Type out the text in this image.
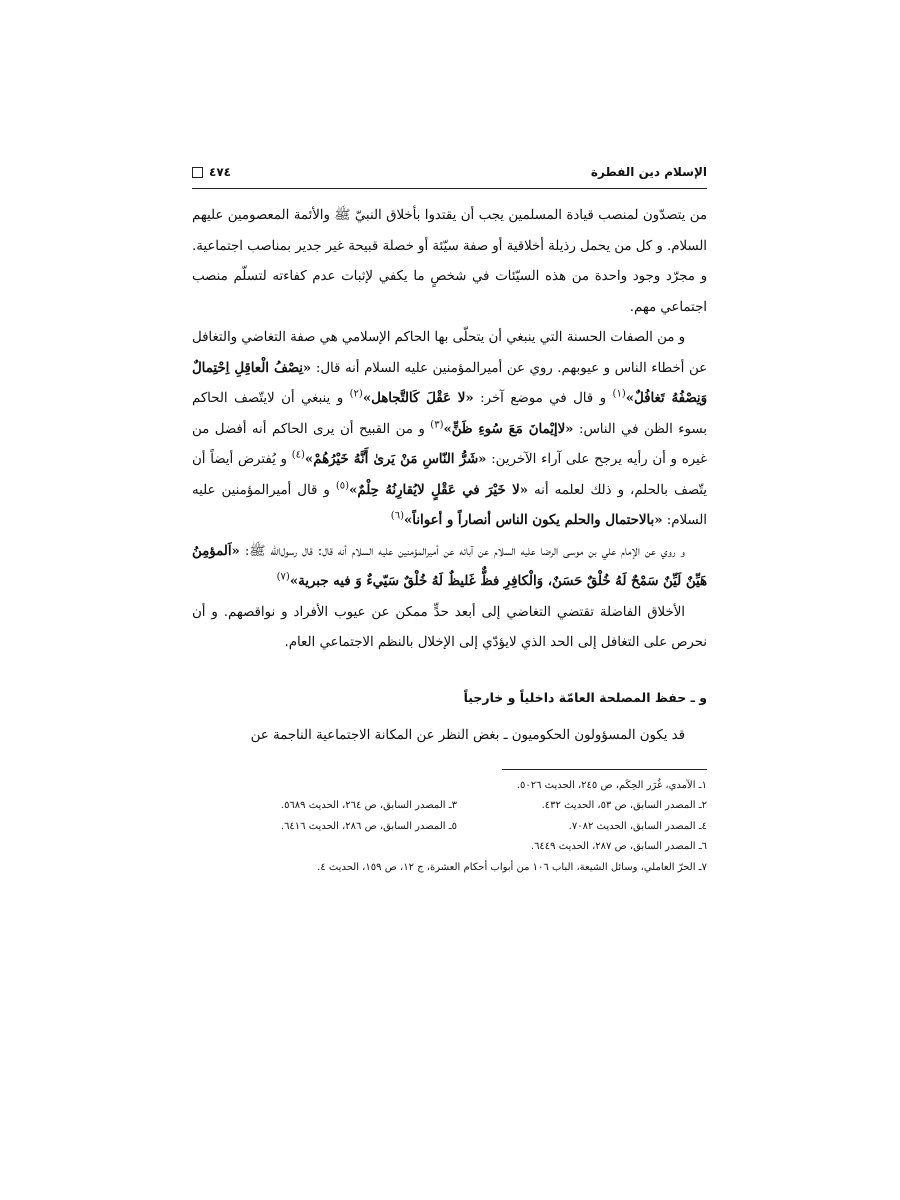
الإسلام دين الفطرة
٤٧٤

من يتصدّون لمنصب قيادة المسلمين يجب أن يقتدوا بأخلاق النبيّ ﷺ والأئمة المعصومين عليهم السلام. و كل من يحمل رذيلة أخلاقية أو صفة سيّئة أو خصلة قبيحة غير جدير بمناصب اجتماعية. و مجرّد وجود واحدة من هذه السيّئات في شخصٍ ما يكفي لإثبات عدم كفاءته لتسلّم منصب اجتماعي مهم.

و من الصفات الحسنة التي ينبغي أن يتحلّى بها الحاكم الإسلامي هي صفة التغاضي والتغافل عن أخطاء الناس و عيوبهم. روي عن أميرالمؤمنين عليه السلام أنه قال: «نِصْفُ الْعاقِلِ اِحْتِمالٌ وَنِصْفُهُ تَغافُلٌ»$^{(١)}$ و قال في موضع آخر: «لا عَقْلَ كَالتَّجاهل»$^{(٢)}$ و ينبغي أن لايتّصف الحاكم بسوء الظن في الناس: «لاإيْمانَ مَعَ سُوءِ ظَنٍّ»$^{(٣)}$ و من القبيح أن يرى الحاكم أنه أفضل من غيره و أن رأيه يرجح على آراء الآخرين: «شَرُّ النّاسِ مَنْ يَرىٰ أَنَّهُ خَيْرُهُمْ»$^{(٤)}$ و يُفترض أيضاً أن يتّصف بالحلم، و ذلك لعلمه أنه «لا خَيْرَ في عَقْلٍ لايُقارِنُهُ حِلْمٌ»$^{(٥)}$ و قال أميرالمؤمنين عليه السلام: «بالاحتمال والحلم يكون الناس أنصاراً و أعواناً»$^{(٦)}$

و روي عن الإمام علي بن موسى الرضا عليه السلام عن آبائه عن أميرالمؤمنين عليه السلام أنه قال: قال رسول‌اللّه ﷺ: «اَلمؤمِنُ هَيِّنٌ لَيِّنٌ سَمْحٌ لَهُ خُلْقٌ حَسَنٌ، وَالْكافِرِ فظٌّ غَليظٌ لَهُ خُلْقٌ سَيّيءٌ وَ فيه جبرية»$^{(٧)}$

الأخلاق الفاضلة تقتضي التغاضي إلى أبعد حدٍّ ممكن عن عيوب الأفراد و نواقصهم. و أن نحرص على التغافل إلى الحد الذي لايؤدّي إلى الإخلال بالنظم الاجتماعي العام.

و ـ حفظ المصلحة العامّة داخلياً و خارجياً
قد يكون المسؤولون الحكوميون ـ بغض النظر عن المكانة الاجتماعية الناجمة عن
١ـ الآمدي، غُرَر الحِكَم، ص ٢٤٥، الحديث ٥٠٢٦.
٢ـ المصدر السابق، ص ٥٣، الحديث ٤٣٢.
٣ـ المصدر السابق، ص ٢٦٤، الحديث ٥٦٨٩.
٤ـ المصدر السابق، الحديث ٧٠٨٢.
٥ـ المصدر السابق، ص ٢٨٦، الحديث ٦٤١٦.
٦ـ المصدر السابق، ص ٢٨٧، الحديث ٦٤٤٩.
٧ـ الحرّ العاملي، وسائل الشيعة، الباب ١٠٦ من أبواب أحكام العشرة، ج ١٢، ص ١٥٩، الحديث ٤.
